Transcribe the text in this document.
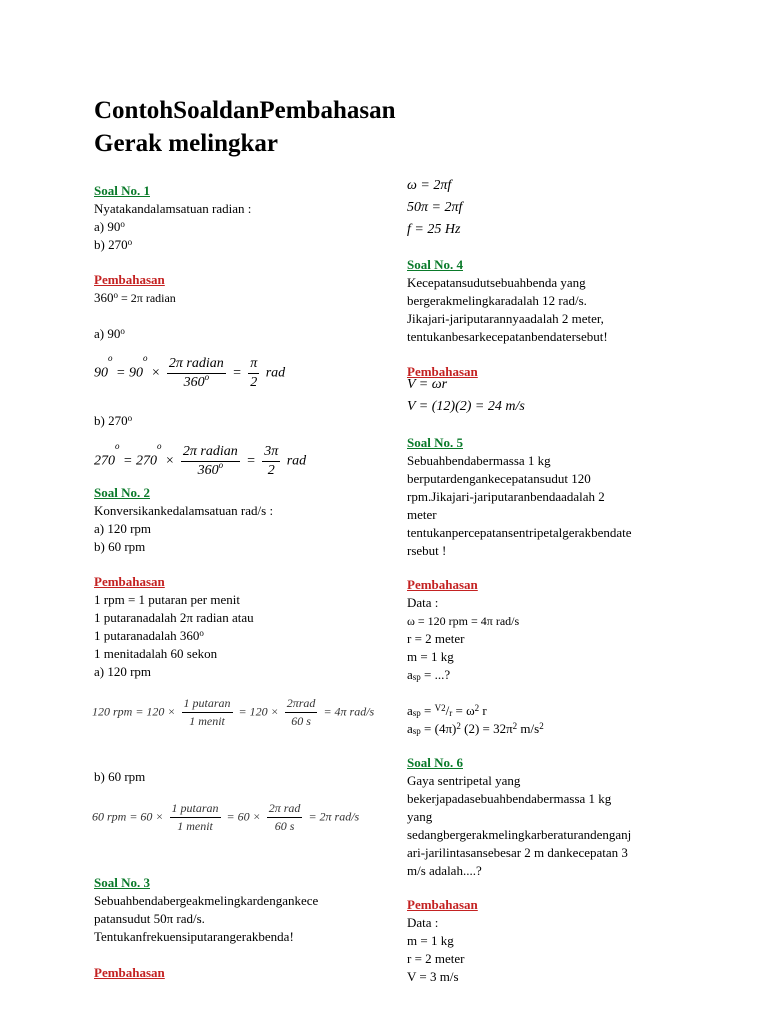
ContohSoaldanPembahasan
Gerak melingkar
Soal No. 1
Nyatakandalamsatuan radian :
a) 90$^o$
b) 270$^o$
Pembahasan
$360^o = 2\pi$ radian
a) 90$^o$
$90^o = 90^o \times \frac{\text{2π radian}}{360^o} = \frac{\pi}{2}$ rad
b) 270$^o$
$270^o = 270^o \times \frac{\text{2π radian}}{360^o} = \frac{3\pi}{2}$ rad
Soal No. 2
Konversikankedalamsatuan rad/s :
a) 120 rpm
b) 60 rpm
Pembahasan
1 rpm = 1 putaran per menit
1 putaranadalah 2π radian atau
1 putaranadalah 360$^o$
1 menitadalah 60 sekon
a) 120 rpm
120 rpm = $120 \times \frac{\text{1 putaran}}{\text{1 menit}} = 120 \times \frac{\text{2πrad}}{60 s} = 4\pi$ rad/s
b) 60 rpm
60 rpm = $60 \times \frac{\text{1 putaran}}{\text{1 menit}} = 60 \times \frac{\text{2π rad}}{60 s} = 2\pi$ rad/s
Soal No. 3
Sebuahbendabergeakmelingkardengankece
patansudut 50π rad/s.
Tentukanfrekuensiputarangerakbenda!
Pembahasan
ω = 2πf
50π = 2πf
f = 25 Hz
Soal No. 4
Kecepatansudutsebuahbenda yang
bergerakmelingkaradalah 12 rad/s.
Jikajari-jariputarannyaadalah 2 meter,
tentukanbesarkecepatanbendatersebut!
Pembahasan
V = ωr
V = (12)(2) = 24 m/s
Soal No. 5
Sebuahbendabermassa 1 kg
berputardengankecepatansudut 120
rpm.Jikajari-jariputaranbendaadalah 2
meter
tentukanpercepatansentripetalgerakbendate
rsebut !
Pembahasan
Data :
ω = 120 rpm = 4π rad/s
r = 2 meter
m = 1 kg
$a_{sp}$ = ...?
$a_{sp} = ^{V2}/_r = \omega^2$ r
$a_{sp} = (4\pi)^2$ $(2) = 32\pi^2$ $m/s^2$
Soal No. 6
Gaya sentripetal yang
bekerjapadasebuahbendabermassa 1 kg
yang
sedangbergerakmelingkarberaturandenganj
ari-jarilintasansebesar 2 m dankecepatan 3
m/s adalah....?
Pembahasan
Data :
m = 1 kg
r = 2 meter
V = 3 m/s
